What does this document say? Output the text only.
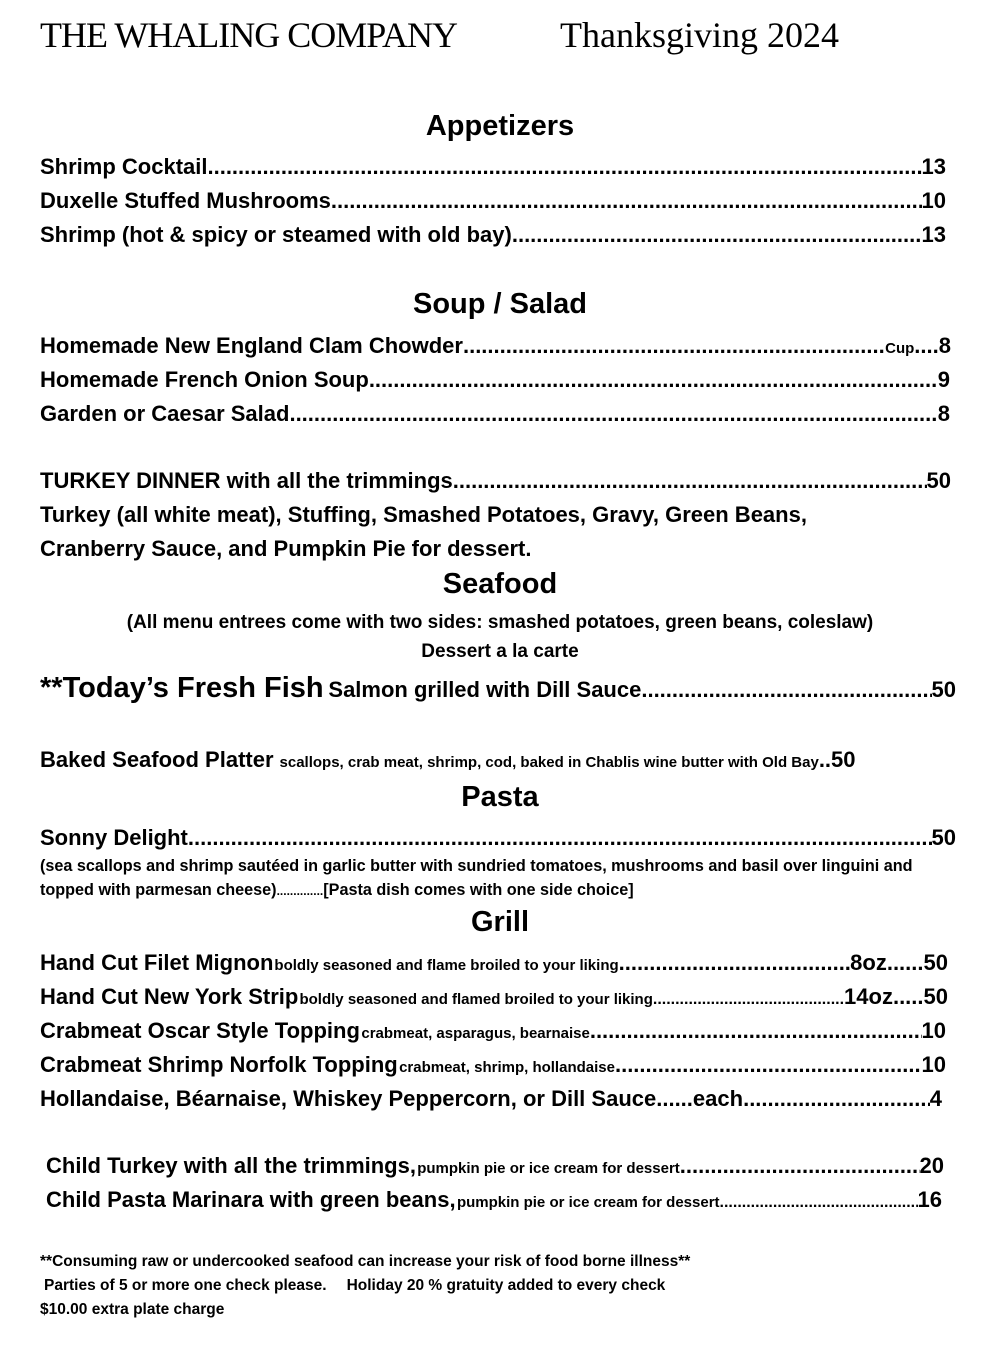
THE WHALING COMPANY	Thanksgiving 2024
Appetizers
Shrimp Cocktail .....	13
Duxelle Stuffed Mushrooms .....	10
Shrimp (hot & spicy or steamed with old bay) .....	13
Soup / Salad
Homemade New England Clam Chowder .....	Cup .... 8
Homemade French Onion Soup .....	9
Garden or Caesar Salad .....	8
TURKEY DINNER with all the trimmings .....	50
Turkey (all white meat), Stuffing, Smashed Potatoes, Gravy, Green Beans,
Cranberry Sauce, and Pumpkin Pie for dessert.
Seafood
(All menu entrees come with two sides: smashed potatoes, green beans, coleslaw)
Dessert a la carte
**Today’s Fresh Fish Salmon grilled with Dill Sauce .....	50
Baked Seafood Platter scallops, crab meat, shrimp, cod, baked in Chablis wine butter with Old Bay .. 50
Pasta
Sonny Delight .....	50
(sea scallops and shrimp sautéed in garlic butter with sundried tomatoes, mushrooms and basil over linguini and
topped with parmesan cheese)..............[Pasta dish comes with one side choice]
Grill
Hand Cut Filet Mignon boldly seasoned and flame broiled to your liking .....	8oz ...... 50
Hand Cut New York Strip boldly seasoned and flamed broiled to your liking .....	14oz ..... 50
Crabmeat Oscar Style Topping crabmeat, asparagus, bearnaise .....	10
Crabmeat Shrimp Norfolk Topping crabmeat, shrimp, hollandaise .....	10
Hollandaise, Béarnaise, Whiskey Peppercorn, or Dill Sauce ...... each .....	4
Child Turkey with all the trimmings, pumpkin pie or ice cream for dessert .....	20
Child Pasta Marinara with green beans, pumpkin pie or ice cream for dessert .....	16
**Consuming raw or undercooked seafood can increase your risk of food borne illness**
Parties of 5 or more one check please. Holiday 20 % gratuity added to every check
$10.00 extra plate charge
